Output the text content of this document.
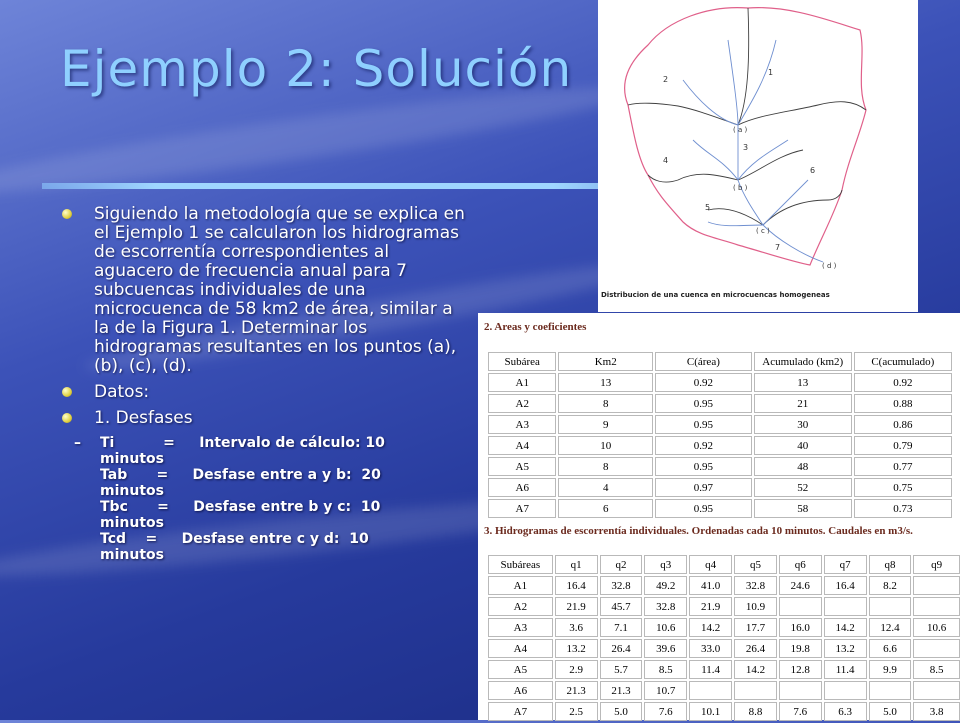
Ejemplo 2: Solución
Siguiendo la metodología que se explica en el Ejemplo 1 se calcularon los hidrogramas de escorrentía correspondientes al aguacero de frecuencia anual para 7 subcuencas individuales de una microcuenca de 58 km2 de área, similar a la de la Figura 1. Determinar los hidrogramas resultantes en los puntos (a), (b), (c), (d).
Datos:
1. Desfases
– Ti          =     Intervalo de cálculo: 10
minutos
Tab      =     Desfase entre a y b:  20
minutos
Tbc      =     Desfase entre b y c:  10
minutos
Tcd    =     Desfase entre c y d:  10
minutos
1
2
3
4
5
6
7
( a )
( b )
( c )
( d )
Distribucion de una cuenca en microcuencas homogeneas
2. Areas y coeficientes
Subárea	Km2	C(área)	Acumulado (km2)	C(acumulado)
A1	13	0.92	13	0.92
A2	8	0.95	21	0.88
A3	9	0.95	30	0.86
A4	10	0.92	40	0.79
A5	8	0.95	48	0.77
A6	4	0.97	52	0.75
A7	6	0.95	58	0.73
3. Hidrogramas de escorrentía individuales. Ordenadas cada 10 minutos. Caudales en m3/s.
Subáreas	q1	q2	q3	q4	q5	q6	q7	q8	q9
A1	16.4	32.8	49.2	41.0	32.8	24.6	16.4	8.2	
A2	21.9	45.7	32.8	21.9	10.9				
A3	3.6	7.1	10.6	14.2	17.7	16.0	14.2	12.4	10.6
A4	13.2	26.4	39.6	33.0	26.4	19.8	13.2	6.6	
A5	2.9	5.7	8.5	11.4	14.2	12.8	11.4	9.9	8.5
A6	21.3	21.3	10.7						
A7	2.5	5.0	7.6	10.1	8.8	7.6	6.3	5.0	3.8
